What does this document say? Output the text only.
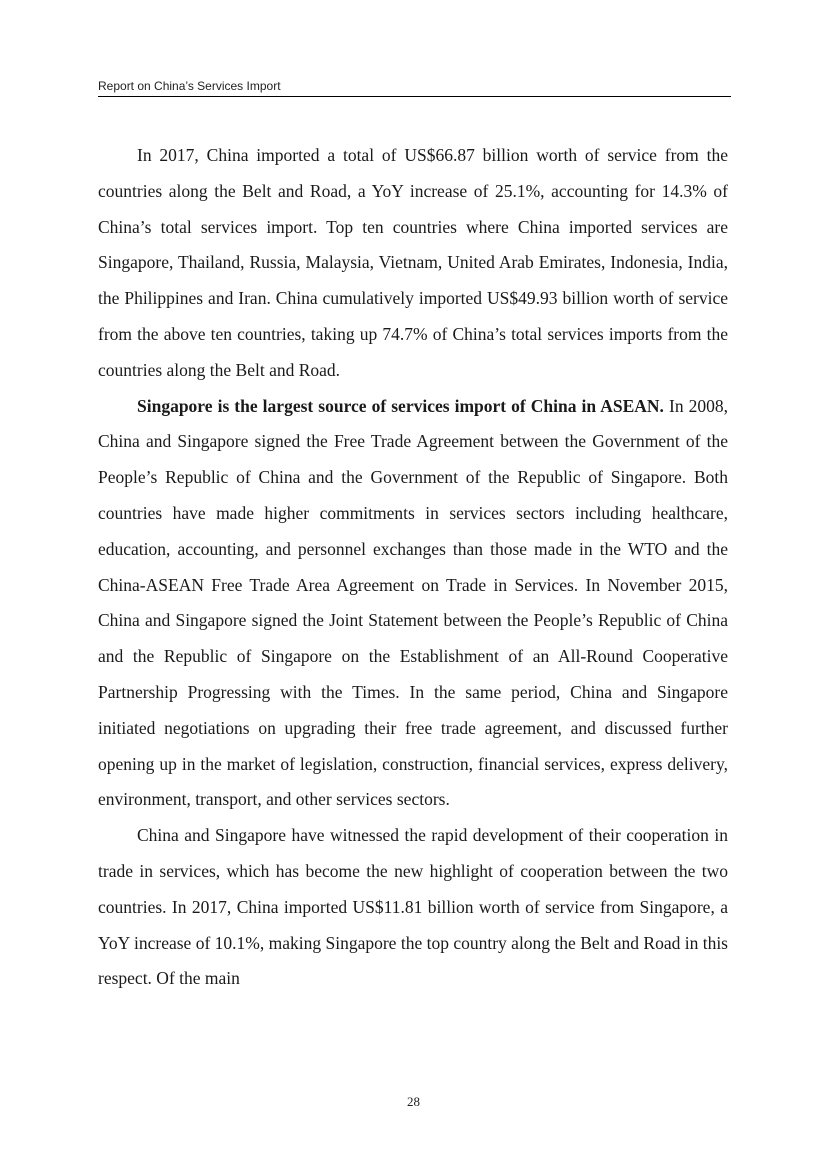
Report on China’s Services Import

In 2017, China imported a total of US$66.87 billion worth of service from the countries along the Belt and Road, a YoY increase of 25.1%, accounting for 14.3% of China’s total services import. Top ten countries where China imported services are Singapore, Thailand, Russia, Malaysia, Vietnam, United Arab Emirates, Indonesia, India, the Philippines and Iran. China cumulatively imported US$49.93 billion worth of service from the above ten countries, taking up 74.7% of China’s total services imports from the countries along the Belt and Road.

Singapore is the largest source of services import of China in ASEAN. In 2008, China and Singapore signed the Free Trade Agreement between the Government of the People’s Republic of China and the Government of the Republic of Singapore. Both countries have made higher commitments in services sectors including healthcare, education, accounting, and personnel exchanges than those made in the WTO and the China-ASEAN Free Trade Area Agreement on Trade in Services. In November 2015, China and Singapore signed the Joint Statement between the People’s Republic of China and the Republic of Singapore on the Establishment of an All-Round Cooperative Partnership Progressing with the Times. In the same period, China and Singapore initiated negotiations on upgrading their free trade agreement, and discussed further opening up in the market of legislation, construction, financial services, express delivery, environment, transport, and other services sectors.

China and Singapore have witnessed the rapid development of their cooperation in trade in services, which has become the new highlight of cooperation between the two countries. In 2017, China imported US$11.81 billion worth of service from Singapore, a YoY increase of 10.1%, making Singapore the top country along the Belt and Road in this respect. Of the main

28
